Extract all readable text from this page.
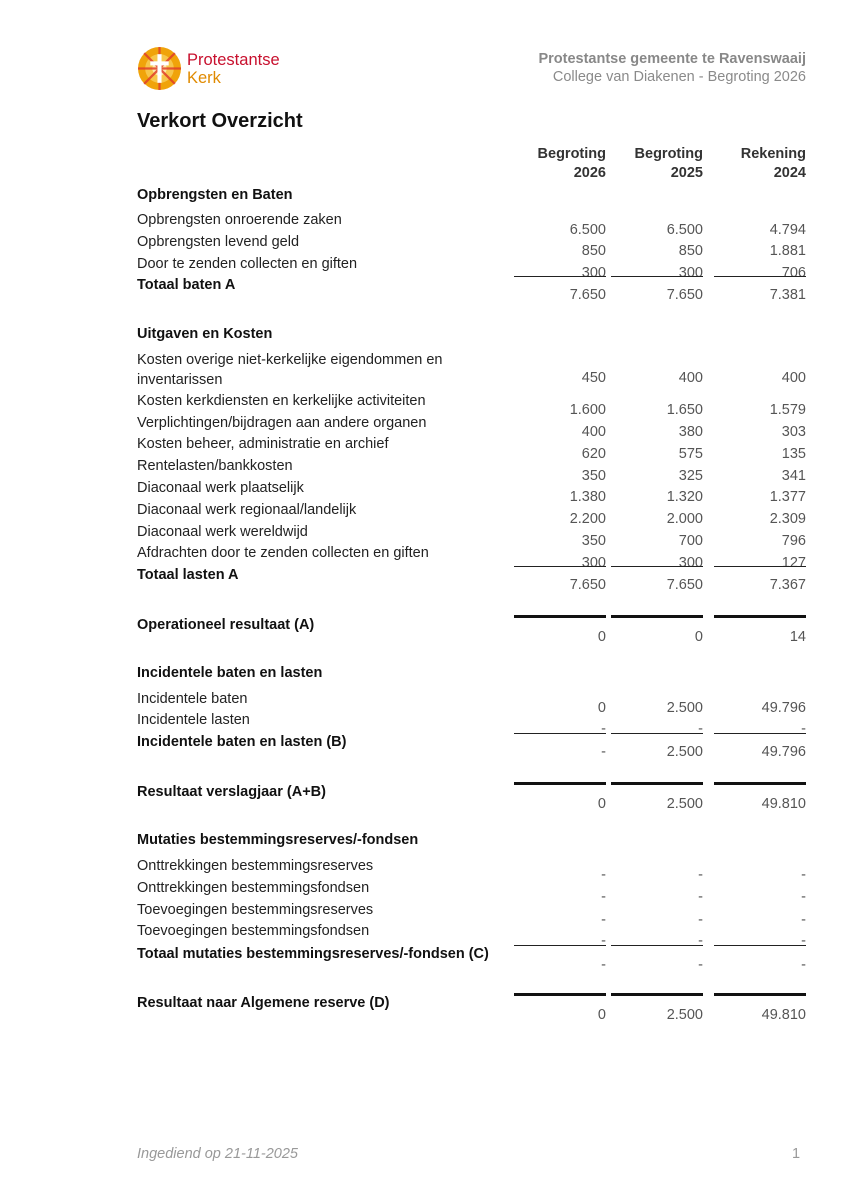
Protestantse
Kerk
Protestantse gemeente te Ravenswaaij
College van Diakenen - Begroting 2026
Verkort Overzicht
Begroting
2026
Begroting
2025
Rekening
2024
Opbrengsten en Baten
Opbrengsten onroerende zaken
6.500	6.500	4.794
Opbrengsten levend geld
850	850	1.881
Door te zenden collecten en giften
300	300	706
Totaal baten A
7.650	7.650	7.381
Uitgaven en Kosten
Kosten overige niet-kerkelijke eigendommen en inventarissen	450	400	400
Kosten kerkdiensten en kerkelijke activiteiten
1.600	1.650	1.579
Verplichtingen/bijdragen aan andere organen
400	380	303
Kosten beheer, administratie en archief
620	575	135
Rentelasten/bankkosten
350	325	341
Diaconaal werk plaatselijk
1.380	1.320	1.377
Diaconaal werk regionaal/landelijk
2.200	2.000	2.309
Diaconaal werk wereldwijd
350	700	796
Afdrachten door te zenden collecten en giften
300	300	127
Totaal lasten A
7.650	7.650	7.367
Operationeel resultaat (A)
0	0	14
Incidentele baten en lasten
Incidentele baten
0	2.500	49.796
Incidentele lasten
-	-	-
Incidentele baten en lasten (B)
-	2.500	49.796
Resultaat verslagjaar (A+B)
0	2.500	49.810
Mutaties bestemmingsreserves/-fondsen
Onttrekkingen bestemmingsreserves
-	-	-
Onttrekkingen bestemmingsfondsen
-	-	-
Toevoegingen bestemmingsreserves
-	-	-
Toevoegingen bestemmingsfondsen
-	-	-
Totaal mutaties bestemmingsreserves/-fondsen (C)
-	-	-
Resultaat naar Algemene reserve (D)
0	2.500	49.810
Ingediend op 21-11-2025	1
